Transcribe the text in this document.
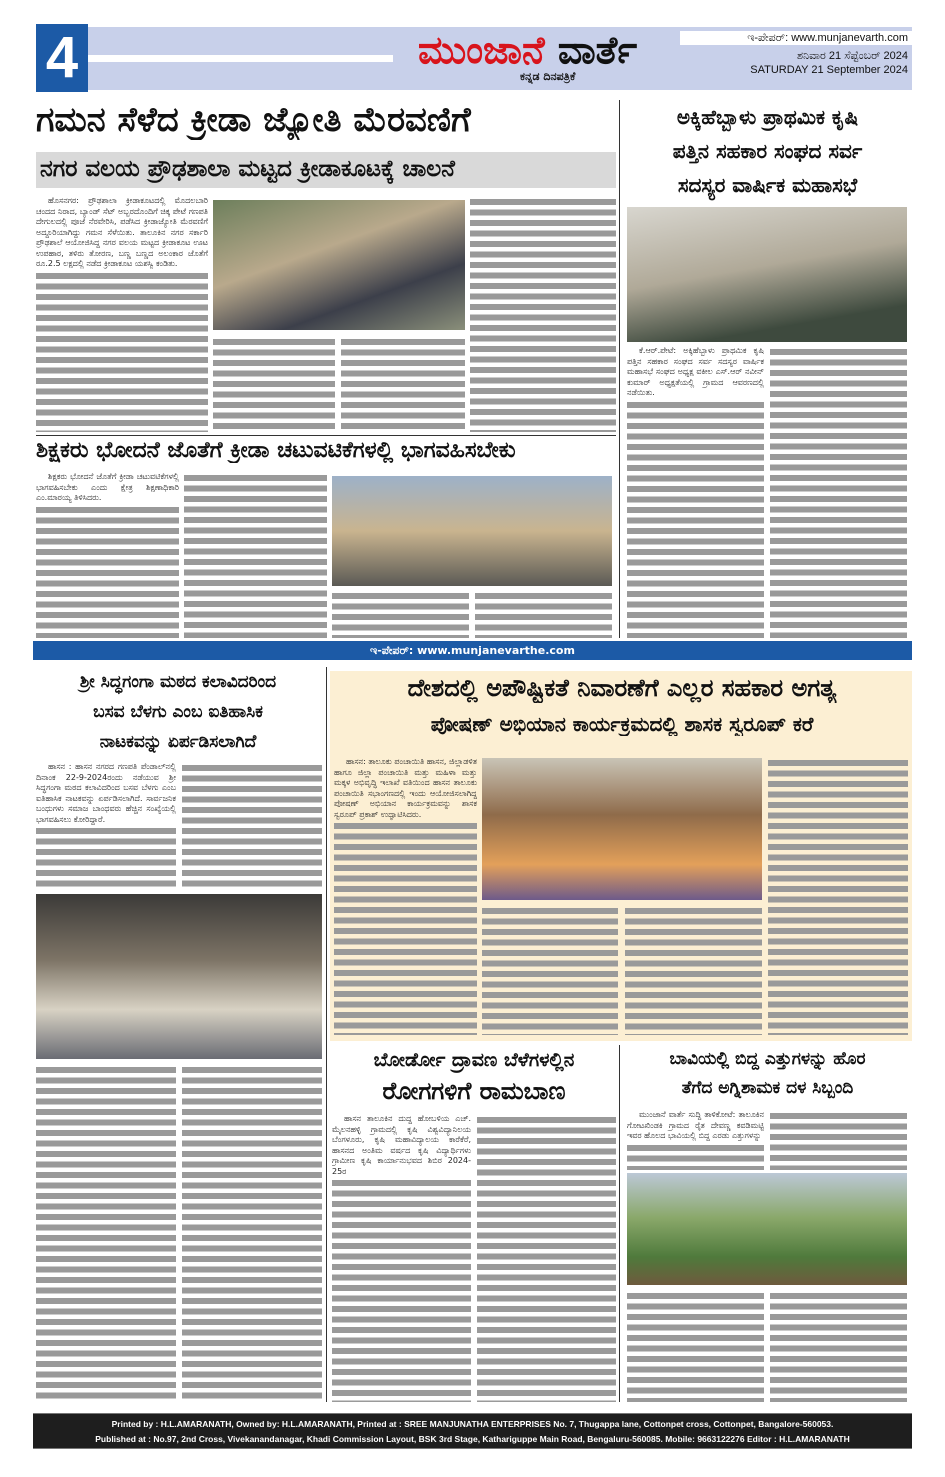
4	ಮುಂಜಾನೆ ವಾರ್ತೆ
ಕನ್ನಡ ದಿನಪತ್ರಿಕೆ
ಇ-ಪೇಪರ್: www.munjanevarth.com
ಶನಿವಾರ 21 ಸೆಪ್ಟೆಂಬರ್ 2024
SATURDAY 21 September 2024
ಗಮನ ಸೆಳೆದ ಕ್ರೀಡಾ ಜ್ಯೋತಿ ಮೆರವಣಿಗೆ
ನಗರ ವಲಯ ಪ್ರೌಢಶಾಲಾ ಮಟ್ಟದ ಕ್ರೀಡಾಕೂಟಕ್ಕೆ ಚಾಲನೆ

ಹೊಸನಗರ: ಪ್ರೌಢಶಾಲಾ ಕ್ರೀಡಾಕೂಟದಲ್ಲಿ ಮೊದಲಬಾರಿ ಚಂದದ ನಿರಾದ, ಬ್ಯಾಂಡ್ ಸೆಟ್ ಅಬ್ಬರದೊಂದಿಗೆ ಚಿಕ್ಕ ಪೇಟೆ ಗಣಪತಿ ದೇಗುಲದಲ್ಲಿ ಪೂಜೆ ನೆರವೇರಿಸಿ, ಪಡೆಸಿದ ಕ್ರೀಡಾಜ್ಯೋತಿ ಮೆರವಣಿಗೆ ಅದ್ದೂರಿಯಾಗಿದ್ದು ಗಮನ ಸೆಳೆಯಿತು. ತಾಲೂಕಿನ ನಗರ ಸರ್ಕಾರಿ ಪ್ರೌಢಶಾಲೆ ಆಯೋಜಿಸಿದ್ದ ನಗರ ವಲಯ ಮಟ್ಟದ ಕ್ರೀಡಾಕೂಟ ಊಟ ಉಪಹಾರ, ತಳಿರು ತೋರಣ, ಬಣ್ಣ ಬಣ್ಣದ ಅಲಂಕಾರ ಜೊತೆಗೆ ರೂ.2.5 ಲಕ್ಷದಲ್ಲಿ ನಡೆದ ಕ್ರೀಡಾಕೂಟ ಯಶಸ್ವಿ ಕಂಡಿತು.

ಶಿಕ್ಷಕರು ಭೋದನೆ ಜೊತೆಗೆ ಕ್ರೀಡಾ ಚಟುವಟಿಕೆಗಳಲ್ಲಿ ಭಾಗವಹಿಸಬೇಕು

ಶಿಕ್ಷಕರು ಭೋದನೆ ಜೊತೆಗೆ ಕ್ರೀಡಾ ಚಟುವಟಿಕೆಗಳಲ್ಲಿ ಭಾಗವಹಿಸಬೇಕು ಎಂದು ಕ್ಷೇತ್ರ ಶಿಕ್ಷಣಾಧಿಕಾರಿ ಎಂ.ಮಾರಯ್ಯ ತಿಳಿಸಿದರು.

ಅಕ್ಕಿಹೆಬ್ಬಾಳು ಪ್ರಾಥಮಿಕ ಕೃಷಿ
ಪತ್ತಿನ ಸಹಕಾರ ಸಂಘದ ಸರ್ವ
ಸದಸ್ಯರ ವಾರ್ಷಿಕ ಮಹಾಸಭೆ

ಕೆ.ಆರ್.ಪೇಟೆ: ಅಕ್ಕಿಹೆಬ್ಬಾಳು ಪ್ರಾಥಮಿಕ ಕೃಷಿ ಪತ್ತಿನ ಸಹಕಾರ ಸಂಘದ ಸರ್ವ ಸದಸ್ಯರ ವಾರ್ಷಿಕ ಮಹಾಸಭೆ ಸಂಘದ ಅಧ್ಯಕ್ಷ ವಕೀಲ ಎಸ್.ಆರ್ ನವೀನ್ ಕುಮಾರ್ ಅಧ್ಯಕ್ಷತೆಯಲ್ಲಿ ಗ್ರಾಮದ ಆವರಣದಲ್ಲಿ ನಡೆಯಿತು.

ಇ-ಪೇಪರ್: www.munjanevarthe.com
ಶ್ರೀ ಸಿದ್ಧಗಂಗಾ ಮಠದ ಕಲಾವಿದರಿಂದ
ಬಸವ ಬೆಳಗು ಎಂಬ ಐತಿಹಾಸಿಕ
ನಾಟಕವನ್ನು ಏರ್ಪಡಿಸಲಾಗಿದೆ

ಹಾಸನ : ಹಾಸನ ನಗರದ ಗಣಪತಿ ಪೆಂಡಾಲ್‌ನಲ್ಲಿ ದಿನಾಂಕ 22-9-2024ರಂದು ನಡೆಯುವ ಶ್ರೀ ಸಿದ್ಧಗಂಗಾ ಮಠದ ಕಲಾವಿದರಿಂದ ಬಸವ ಬೆಳಗು ಎಂಬ ಐತಿಹಾಸಿಕ ನಾಟಕವನ್ನು ಏರ್ಪಡಿಸಲಾಗಿದೆ. ಸಾರ್ವಜನಿಕ ಬಂಧುಗಳು ಸಮಾಜ ಬಾಂಧವರು ಹೆಚ್ಚಿನ ಸಂಖ್ಯೆಯಲ್ಲಿ ಭಾಗವಹಿಸಲು ಕೋರಿದ್ದಾರೆ.

ದೇಶದಲ್ಲಿ ಅಪೌಷ್ಟಿಕತೆ ನಿವಾರಣೆಗೆ ಎಲ್ಲರ ಸಹಕಾರ ಅಗತ್ಯ
ಪೋಷಣ್ ಅಭಿಯಾನ ಕಾರ್ಯಕ್ರಮದಲ್ಲಿ ಶಾಸಕ ಸ್ವರೂಪ್ ಕರೆ

ಹಾಸನ: ತಾಲೂಕು ಪಂಚಾಯಿತಿ ಹಾಸನ, ಜಿಲ್ಲಾಡಳಿತ ಹಾಗೂ ಜಿಲ್ಲಾ ಪಂಚಾಯಿತಿ ಮತ್ತು ಮಹಿಳಾ ಮತ್ತು ಮಕ್ಕಳ ಅಭಿವೃದ್ಧಿ ಇಲಾಖೆ ವತಿಯಿಂದ ಹಾಸನ ತಾಲೂಕು ಪಂಚಾಯಿತಿ ಸಭಾಂಗಣದಲ್ಲಿ ಇಂದು ಆಯೋಜಿಸಲಾಗಿದ್ದ ಪೋಷಣ್ ಅಭಿಯಾನ ಕಾರ್ಯಕ್ರಮವನ್ನು ಶಾಸಕ ಸ್ವರೂಪ್ ಪ್ರಕಾಶ್ ಉದ್ಘಾಟಿಸಿದರು.

ಬೋರ್ಡೋ ದ್ರಾವಣ ಬೆಳೆಗಳಲ್ಲಿನ
ರೋಗಗಳಿಗೆ ರಾಮಬಾಣ

ಹಾಸನ ತಾಲೂಕಿನ ದುದ್ದ ಹೋಬಳಿಯ ಎಚ್. ಮೈಲನಹಳ್ಳಿ ಗ್ರಾಮದಲ್ಲಿ ಕೃಷಿ ವಿಶ್ವವಿದ್ಯಾನಿಲಯ ಬೆಂಗಳೂರು, ಕೃಷಿ ಮಹಾವಿದ್ಯಾಲಯ ಕಾರೆಕೆರೆ, ಹಾಸನದ ಅಂತಿಮ ವರ್ಷದ ಕೃಷಿ ವಿದ್ಯಾರ್ಥಿಗಳು ಗ್ರಾಮೀಣ ಕೃಷಿ ಕಾರ್ಯಾನುಭವದ ಶಿಬಿರ 2024-25ರ

ಬಾವಿಯಲ್ಲಿ ಬಿದ್ದ ಎತ್ತುಗಳನ್ನು ಹೊರ
ತೆಗೆದ ಅಗ್ನಿಶಾಮಕ ದಳ ಸಿಬ್ಬಂದಿ

ಮುಂಜಾನೆ ವಾರ್ತೆ ಸುದ್ದಿ ತಾಳಿಕೋಟೆ: ತಾಲೂಕಿನ ಗೋಟಖಿಂಡಕಿ ಗ್ರಾಮದ ರೈತ ದೇವಣ್ಣ ಕವಡಿಮಟ್ಟಿ ಇವರ ಹೊಲದ ಭಾವಿಯಲ್ಲಿ ಬಿದ್ದ ಎರಡು ಎತ್ತುಗಳನ್ನು

Printed by : H.L.AMARANATH, Owned by: H.L.AMARANATH, Printed at : SREE MANJUNATHA ENTERPRISES No. 7, Thugappa lane, Cottonpet cross, Cottonpet, Bangalore-560053.
Published at : No.97, 2nd Cross, Vivekanandanagar, Khadi Commission Layout, BSK 3rd Stage, Kathariguppe Main Road, Bengaluru-560085. Mobile: 9663122276 Editor : H.L.AMARANATH
